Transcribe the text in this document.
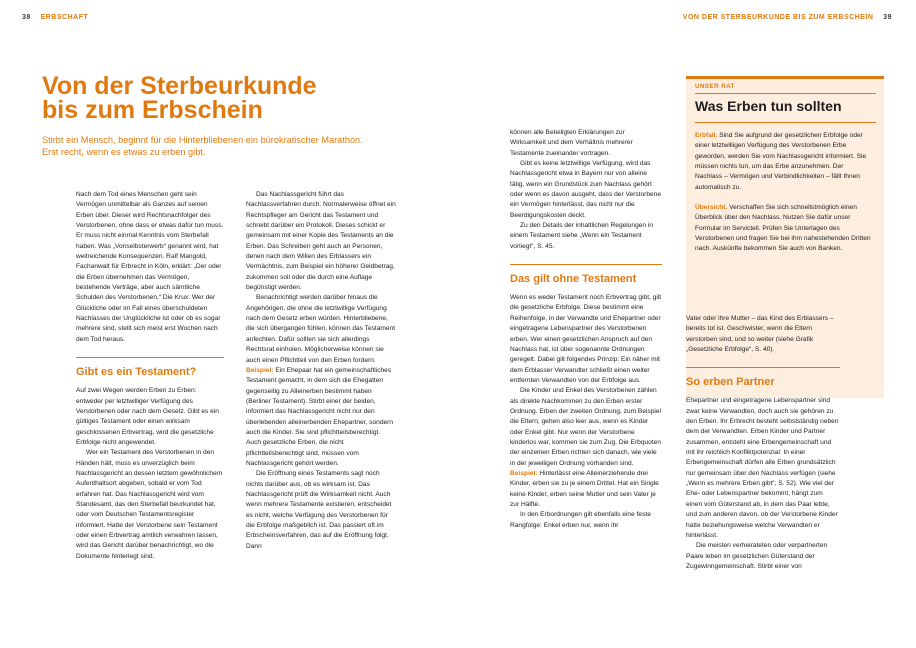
38 ERBSCHAFT	VON DER STERBEURKUNDE BIS ZUM ERBSCHEIN 39
Von der Sterbeurkunde
bis zum Erbschein
Stirbt ein Mensch, beginnt für die Hinterbliebenen ein bürokratischer Marathon. Erst recht, wenn es etwas zu erben gibt.

Nach dem Tod eines Menschen geht sein Vermögen unmittelbar als Ganzes auf seinen Erben über. Dieser wird Rechtsnachfolger des Verstorbenen, ohne dass er etwas dafür tun muss. Er muss nicht einmal Kenntnis vom Sterbefall haben. Was „Vonselbsterwerb“ genannt wird, hat weitreichende Konsequenzen. Ralf Mangold, Fachanwalt für Erbrecht in Köln, erklärt: „Der oder die Erben übernehmen das Vermögen, bestehende Verträge, aber auch sämtliche Schulden des Verstorbenen.“ Die Krux: Wer der Glückliche oder im Fall eines überschuldeten Nachlasses der Unglückliche ist oder ob es sogar mehrere sind, stellt sich meist erst Wochen nach dem Tod heraus.

Gibt es ein Testament?

Auf zwei Wegen werden Erben zu Erben: entweder per letztwilliger Verfügung des Verstorbenen oder nach dem Gesetz. Gibt es ein gültiges Testament oder einen wirksam geschlossenen Erbvertrag, wird die gesetzliche Erbfolge nicht angewendet.

Wer ein Testament des Verstorbenen in den Händen hält, muss es unverzüglich beim Nachlassgericht an dessen letztem gewöhnlichem Aufenthaltsort abgeben, sobald er vom Tod erfahren hat. Das Nachlassgericht wird vom Standesamt, das den Sterbefall beurkundet hat, oder vom Deutschen Testamentsregister informiert. Hatte der Verstorbene sein Testament oder einen Erbvertrag amtlich verwahren lassen, wird das Gericht darüber benachrichtigt, wo die Dokumente hinterlegt sind.

Das Nachlassgericht führt das Nachlassverfahren durch: Normalerweise öffnet ein Rechtspfleger am Gericht das Testament und schreibt darüber ein Protokoll. Dieses schickt er gemeinsam mit einer Kopie des Testaments an die Erben. Das Schreiben geht auch an Personen, denen nach dem Willen des Erblassers ein Vermächtnis, zum Beispiel ein höherer Geldbetrag, zukommen soll oder die durch eine Auflage begünstigt werden.

Benachrichtigt werden darüber hinaus die Angehörigen, die ohne die letztwillige Verfügung nach dem Gesetz erben würden. Hinterbliebene, die sich übergangen fühlen, können das Testament anfechten. Dafür sollten sie sich allerdings Rechtsrat einholen. Möglicherweise können sie auch einen Pflichtteil von den Erben fordern.

Beispiel: Ein Ehepaar hat ein gemeinschaftliches Testament gemacht, in dem sich die Ehegatten gegenseitig zu Alleinerben bestimmt haben (Berliner Testament). Stirbt einer der beiden, informiert das Nachlassgericht nicht nur den überlebenden alleinerbenden Ehepartner, sondern auch die Kinder. Sie sind pflichtteilsberechtigt. Auch gesetzliche Erben, die nicht pflichtteilsberechtigt sind, müssen vom Nachlassgericht gehört werden.

Die Eröffnung eines Testaments sagt noch nichts darüber aus, ob es wirksam ist. Das Nachlassgericht prüft die Wirksamkeit nicht. Auch wenn mehrere Testamente existieren, entscheidet es nicht, welche Verfügung des Verstorbenen für die Erbfolge maßgeblich ist. Das passiert oft im Erbscheinsverfahren, das auf die Eröffnung folgt. Dann

können alle Beteiligten Erklärungen zur Wirksamkeit und dem Verhältnis mehrerer Testamente zueinander vortragen.

Gibt es keine letztwillige Verfügung, wird das Nachlassgericht etwa in Bayern nur von alleine tätig, wenn ein Grundstück zum Nachlass gehört oder wenn es davon ausgeht, dass der Verstorbene ein Vermögen hinterlässt, das nicht nur die Beerdigungskosten deckt.

Zu den Details der inhaltlichen Regelungen in einem Testament siehe „Wenn ein Testament vorliegt“, S. 45.

Das gilt ohne Testament

Wenn es weder Testament noch Erbvertrag gibt, gilt die gesetzliche Erbfolge. Diese bestimmt eine Reihenfolge, in der Verwandte und Ehepartner oder eingetragene Lebenspartner des Verstorbenen erben. Wer einen gesetzlichen Anspruch auf den Nachlass hat, ist über sogenannte Ordnungen geregelt. Dabei gilt folgendes Prinzip: Ein näher mit dem Erblasser Verwandter schließt einen weiter entfernten Verwandten von der Erbfolge aus.

Die Kinder und Enkel des Verstorbenen zählen als direkte Nachkommen zu den Erben erster Ordnung. Erben der zweiten Ordnung, zum Beispiel die Eltern, gehen also leer aus, wenn es Kinder oder Enkel gibt. Nur wenn der Verstorbene kinderlos war, kommen sie zum Zug. Die Erbquoten der einzelnen Erben richten sich danach, wie viele in der jeweiligen Ordnung vorhanden sind.

Beispiel: Hinterlässt eine Alleinerziehende drei Kinder, erben sie zu je einem Drittel. Hat ein Single keine Kinder, erben seine Mutter und sein Vater je zur Hälfte.

In den Erbordnungen gilt ebenfalls eine feste Rangfolge: Enkel erben nur, wenn ihr

UNSER RAT
Was Erben tun sollten

Erbfall. Sind Sie aufgrund der gesetzlichen Erbfolge oder einer letztwilligen Verfügung des Verstorbenen Erbe geworden, werden Sie vom Nachlassgericht informiert. Sie müssen nichts tun, um das Erbe anzunehmen. Der Nachlass – Vermögen und Verbindlichkeiten – fällt Ihnen automatisch zu.

Übersicht. Verschaffen Sie sich schnellstmöglich einen Überblick über den Nachlass. Nutzen Sie dafür unser Formular im Servicteil. Prüfen Sie Unterlagen des Verstorbenen und fragen Sie bei ihm nahestehenden Dritten nach. Auskünfte bekommen Sie auch von Banken.

Vater oder ihre Mutter – das Kind des Erblassers – bereits tot ist. Geschwister, wenn die Eltern verstorben sind, und so weiter (siehe Grafik „Gesetzliche Erbfolge“, S. 40).

So erben Partner

Ehepartner und eingetragene Lebenspartner sind zwar keine Verwandten, doch auch sie gehören zu den Erben. Ihr Erbrecht besteht selbstständig neben dem der Verwandten. Erben Kinder und Partner zusammen, entsteht eine Erbengemeinschaft und mit ihr reichlich Konfliktpotenzial: In einer Erbengemeinschaft dürfen alle Erben grundsätzlich nur gemeinsam über den Nachlass verfügen (siehe „Wenn es mehrere Erben gibt“, S. 52). Wie viel der Ehe- oder Lebenspartner bekommt, hängt zum einen vom Güterstand ab, in dem das Paar lebte, und zum anderen davon, ob der Verstorbene Kinder hatte beziehungsweise welche Verwandten er hinterlässt.

Die meisten verheirateten oder verpartnerten Paare leben im gesetzlichen Güterstand der Zugewinngemeinschaft. Stirbt einer von
